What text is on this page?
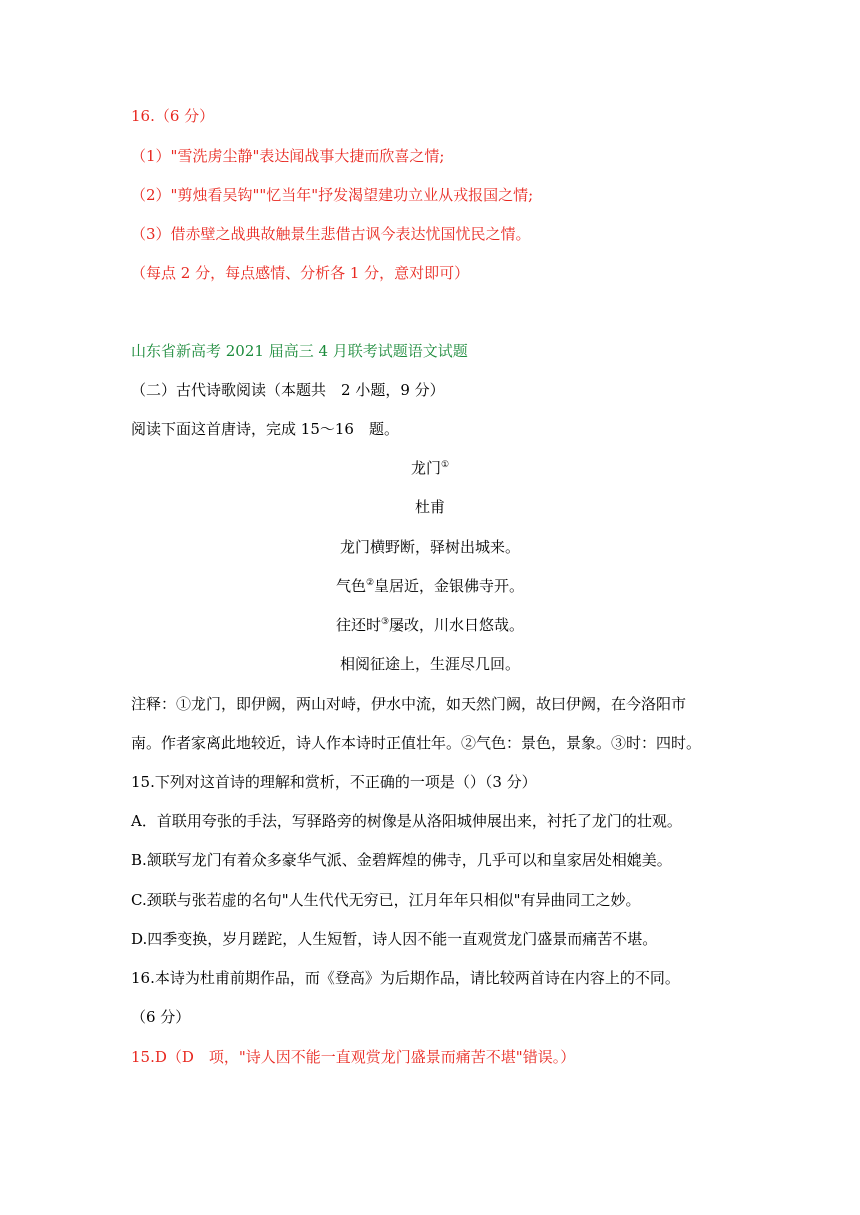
16.（6 分）
（1）"雪洗虏尘静"表达闻战事大捷而欣喜之情;
（2）"剪烛看吴钩""忆当年"抒发渴望建功立业从戎报国之情;
（3）借赤壁之战典故触景生悲借古讽今表达忧国忧民之情。
（每点 2 分，每点感情、分析各 1 分，意对即可）
山东省新高考 2021 届高三 4 月联考试题语文试题
（二）古代诗歌阅读（本题共　2 小题，9 分）
阅读下面这首唐诗，完成 15～16　题。
龙门①
杜甫
龙门横野断，驿树出城来。
气色②皇居近，金银佛寺开。
往还时③屡改，川水日悠哉。
相阅征途上，生涯尽几回。
注释：①龙门，即伊阙，两山对峙，伊水中流，如天然门阙，故曰伊阙，在今洛阳市
南。作者家离此地较近，诗人作本诗时正值壮年。②气色：景色，景象。③时：四时。
15.下列对这首诗的理解和赏析，不正确的一项是（）（3 分）
A．首联用夸张的手法，写驿路旁的树像是从洛阳城伸展出来，衬托了龙门的壮观。
B.颔联写龙门有着众多豪华气派、金碧辉煌的佛寺，几乎可以和皇家居处相媲美。
C.颈联与张若虚的名句"人生代代无穷已，江月年年只相似"有异曲同工之妙。
D.四季变换，岁月蹉跎，人生短暂，诗人因不能一直观赏龙门盛景而痛苦不堪。
16.本诗为杜甫前期作品，而《登高》为后期作品，请比较两首诗在内容上的不同。
（6 分）
15.D（D　项，"诗人因不能一直观赏龙门盛景而痛苦不堪"错误。）
